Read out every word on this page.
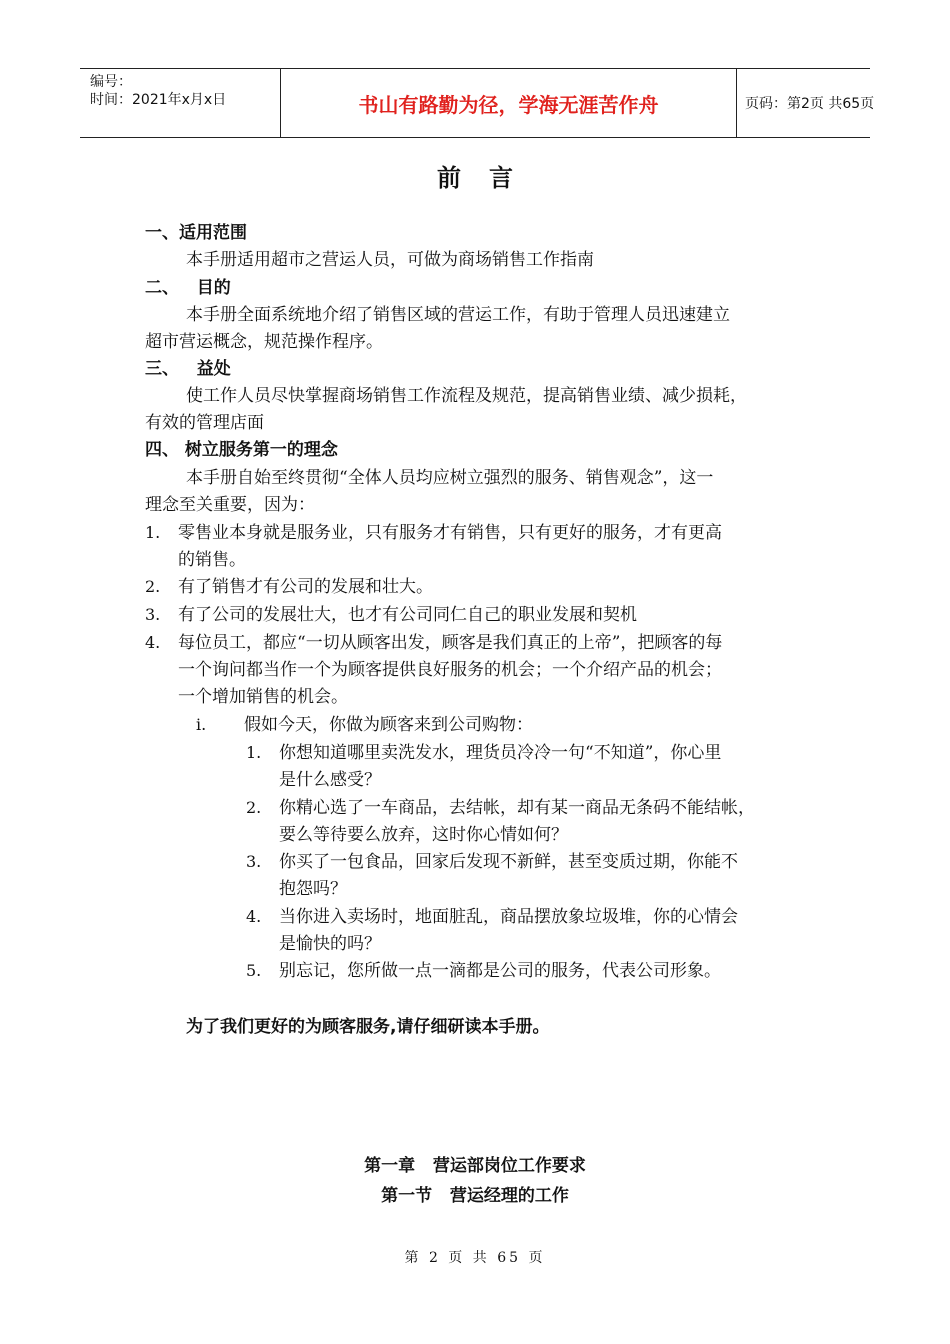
编号：
时间：2021年x月x日	书山有路勤为径，学海无涯苦作舟	页码：第2页 共65页
前言
一、适用范围
本手册适用超市之营运人员，可做为商场销售工作指南
二、   目的
本手册全面系统地介绍了销售区域的营运工作，有助于管理人员迅速建立
超市营运概念，规范操作程序。
三、   益处
使工作人员尽快掌握商场销售工作流程及规范，提高销售业绩、减少损耗，
有效的管理店面
四、 树立服务第一的理念
本手册自始至终贯彻“全体人员均应树立强烈的服务、销售观念”，这一
理念至关重要，因为：
1. 零售业本身就是服务业，只有服务才有销售，只有更好的服务，才有更高
的销售。
2. 有了销售才有公司的发展和壮大。
3. 有了公司的发展壮大，也才有公司同仁自己的职业发展和契机
4. 每位员工，都应“一切从顾客出发，顾客是我们真正的上帝”，把顾客的每
一个询问都当作一个为顾客提供良好服务的机会；一个介绍产品的机会；
一个增加销售的机会。
i. 假如今天，你做为顾客来到公司购物：
1. 你想知道哪里卖洗发水，理货员冷冷一句“不知道”，你心里
是什么感受？
2. 你精心选了一车商品，去结帐，却有某一商品无条码不能结帐，
要么等待要么放弃，这时你心情如何？
3. 你买了一包食品，回家后发现不新鲜，甚至变质过期，你能不
抱怨吗？
4. 当你进入卖场时，地面脏乱，商品摆放象垃圾堆，你的心情会
是愉快的吗？
5. 别忘记，您所做一点一滴都是公司的服务，代表公司形象。
为了我们更好的为顾客服务,请仔细研读本手册。
第一章   营运部岗位工作要求
第一节   营运经理的工作
第 2 页 共 65 页
